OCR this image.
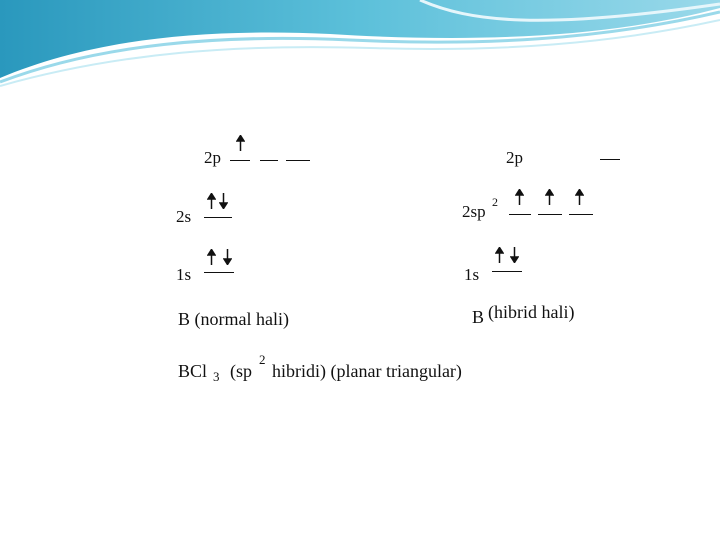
2p
2s
1s
B (normal hali)
2p
2sp 2
1s
B (hibrid hali)
BCl 3 (sp
2
hibridi) (planar triangular)
